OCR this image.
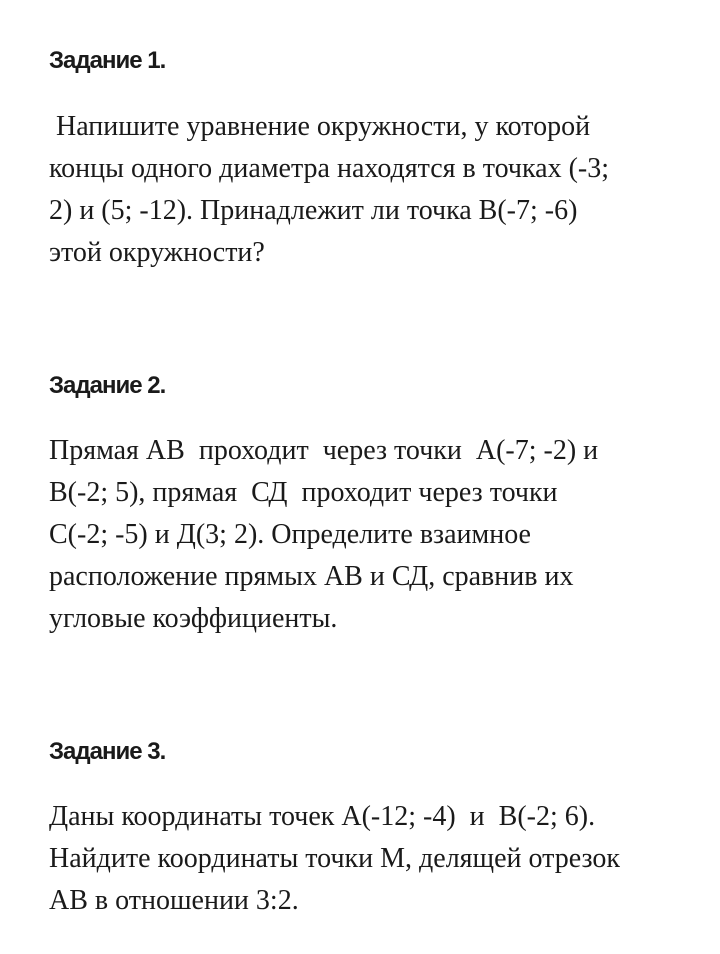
Задание 1.
Напишите уравнение окружности, у которой
концы одного диаметра находятся в точках (-3;
2) и (5; -12). Принадлежит ли точка В(-7; -6)
этой окружности?
Задание 2.
Прямая АВ  проходит  через точки  А(-7; -2) и
В(-2; 5), прямая  СД  проходит через точки
С(-2; -5) и Д(3; 2). Определите взаимное
расположение прямых АВ и СД, сравнив их
угловые коэффициенты.
Задание 3.
Даны координаты точек А(-12; -4)  и  В(-2; 6).
Найдите координаты точки М, делящей отрезок
АВ в отношении 3:2.
